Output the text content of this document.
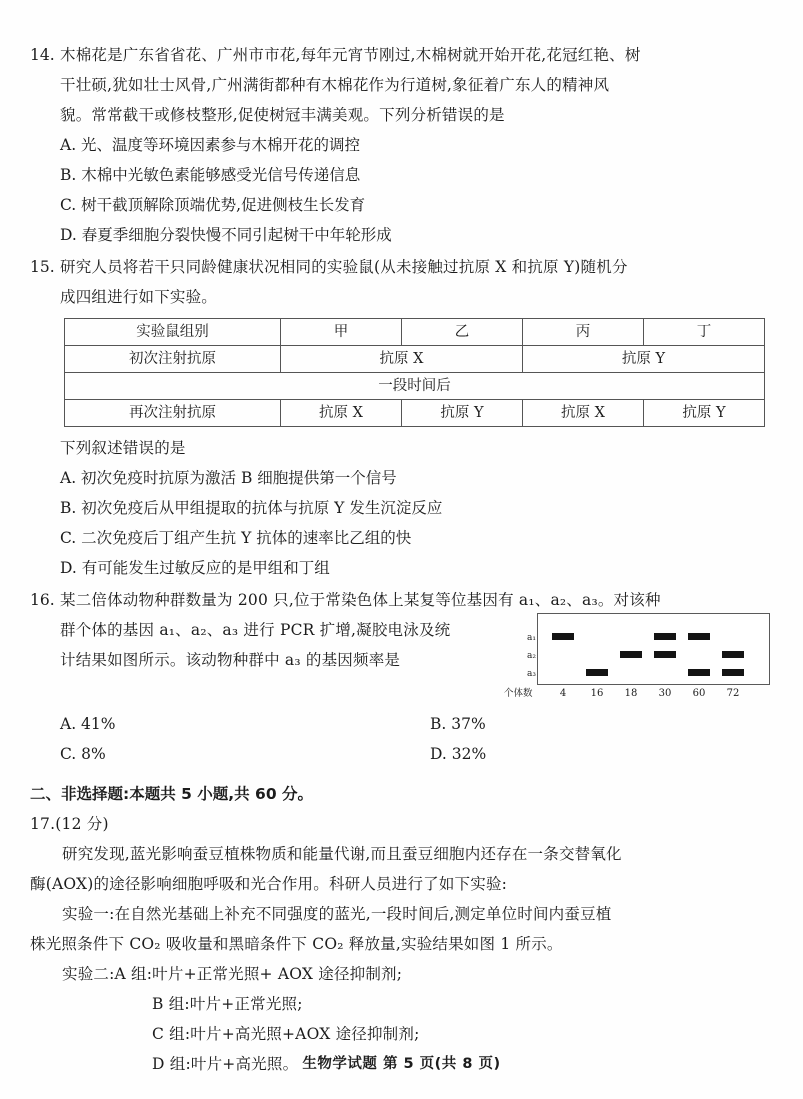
14. 木棉花是广东省省花、广州市市花,每年元宵节刚过,木棉树就开始开花,花冠红艳、树
干壮硕,犹如壮士风骨,广州满街都种有木棉花作为行道树,象征着广东人的精神风
貌。常常截干或修枝整形,促使树冠丰满美观。下列分析错误的是
A. 光、温度等环境因素参与木棉开花的调控
B. 木棉中光敏色素能够感受光信号传递信息
C. 树干截顶解除顶端优势,促进侧枝生长发育
D. 春夏季细胞分裂快慢不同引起树干中年轮形成
15. 研究人员将若干只同龄健康状况相同的实验鼠(从未接触过抗原 X 和抗原 Y)随机分
成四组进行如下实验。
实验鼠组别	甲	乙	丙	丁
初次注射抗原	抗原 X		抗原 Y	
一段时间后				
再次注射抗原	抗原 X	抗原 Y	抗原 X	抗原 Y
下列叙述错误的是
A. 初次免疫时抗原为激活 B 细胞提供第一个信号
B. 初次免疫后从甲组提取的抗体与抗原 Y 发生沉淀反应
C. 二次免疫后丁组产生抗 Y 抗体的速率比乙组的快
D. 有可能发生过敏反应的是甲组和丁组
16. 某二倍体动物种群数量为 200 只,位于常染色体上某复等位基因有 a₁、a₂、a₃。对该种
群个体的基因 a₁、a₂、a₃ 进行 PCR 扩增,凝胶电泳及统
计结果如图所示。该动物种群中 a₃ 的基因频率是
a₁
a₂
a₃
个体数	4	16	18	30	60	72
A. 41%	B. 37%
C. 8%	D. 32%
二、非选择题:本题共 5 小题,共 60 分。
17.(12 分)
研究发现,蓝光影响蚕豆植株物质和能量代谢,而且蚕豆细胞内还存在一条交替氧化
酶(AOX)的途径影响细胞呼吸和光合作用。科研人员进行了如下实验:
实验一:在自然光基础上补充不同强度的蓝光,一段时间后,测定单位时间内蚕豆植
株光照条件下 CO₂ 吸收量和黑暗条件下 CO₂ 释放量,实验结果如图 1 所示。
实验二:A 组:叶片+正常光照+ AOX 途径抑制剂;
B 组:叶片+正常光照;
C 组:叶片+高光照+AOX 途径抑制剂;
D 组:叶片+高光照。 生物学试题 第 5 页(共 8 页)
